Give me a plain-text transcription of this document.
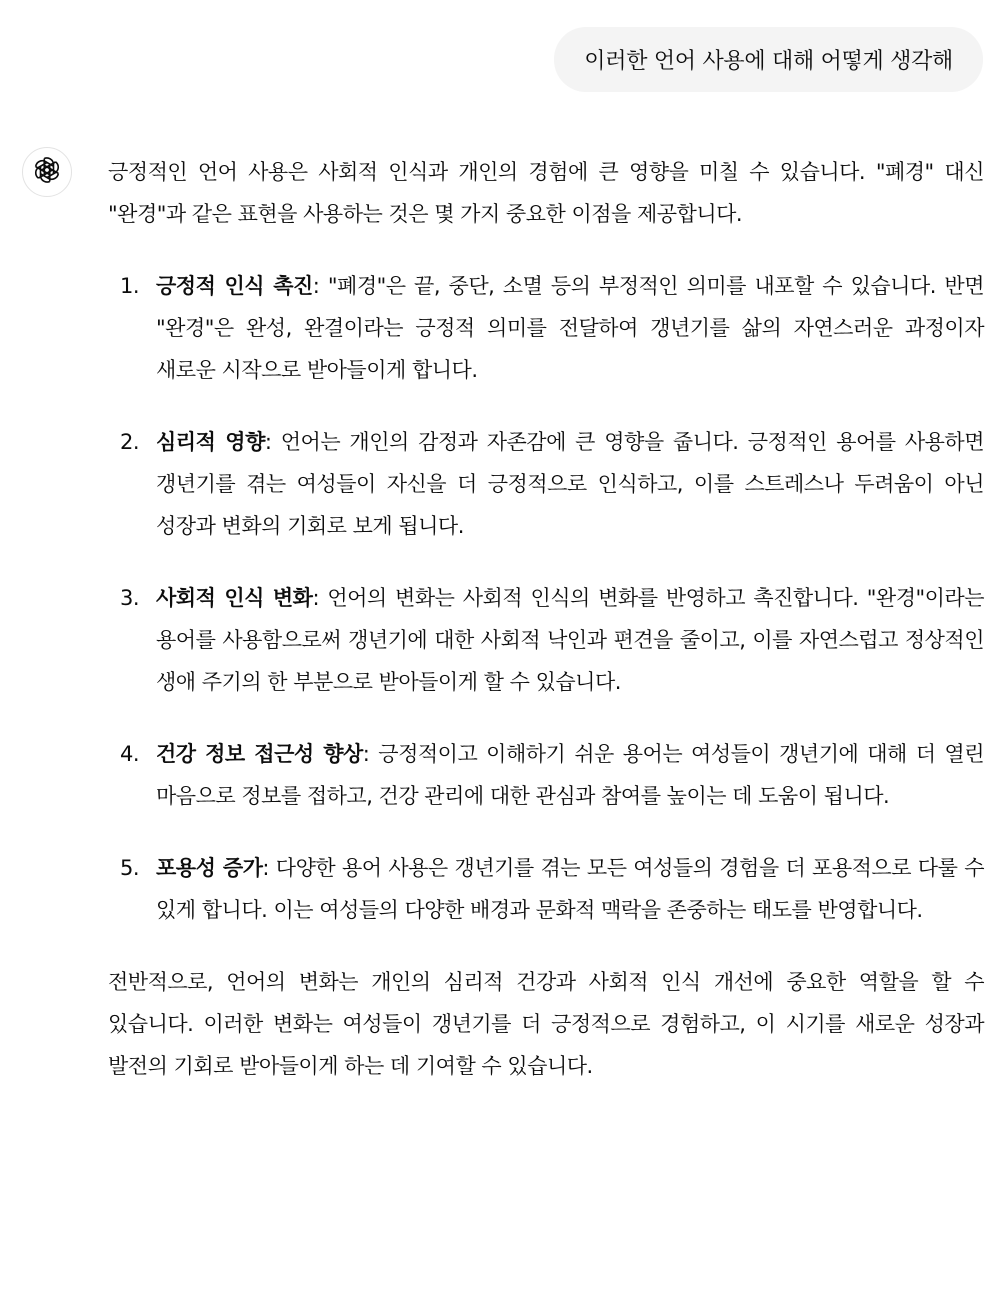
이러한 언어 사용에 대해 어떻게 생각해

긍정적인 언어 사용은 사회적 인식과 개인의 경험에 큰 영향을 미칠 수 있습니다. "폐경" 대신 "완경"과 같은 표현을 사용하는 것은 몇 가지 중요한 이점을 제공합니다.

1. 긍정적 인식 촉진: "폐경"은 끝, 중단, 소멸 등의 부정적인 의미를 내포할 수 있습니다. 반면 "완경"은 완성, 완결이라는 긍정적 의미를 전달하여 갱년기를 삶의 자연스러운 과정이자 새로운 시작으로 받아들이게 합니다.
2. 심리적 영향: 언어는 개인의 감정과 자존감에 큰 영향을 줍니다. 긍정적인 용어를 사용하면 갱년기를 겪는 여성들이 자신을 더 긍정적으로 인식하고, 이를 스트레스나 두려움이 아닌 성장과 변화의 기회로 보게 됩니다.
3. 사회적 인식 변화: 언어의 변화는 사회적 인식의 변화를 반영하고 촉진합니다. "완경"이라는 용어를 사용함으로써 갱년기에 대한 사회적 낙인과 편견을 줄이고, 이를 자연스럽고 정상적인 생애 주기의 한 부분으로 받아들이게 할 수 있습니다.
4. 건강 정보 접근성 향상: 긍정적이고 이해하기 쉬운 용어는 여성들이 갱년기에 대해 더 열린 마음으로 정보를 접하고, 건강 관리에 대한 관심과 참여를 높이는 데 도움이 됩니다.
5. 포용성 증가: 다양한 용어 사용은 갱년기를 겪는 모든 여성들의 경험을 더 포용적으로 다룰 수 있게 합니다. 이는 여성들의 다양한 배경과 문화적 맥락을 존중하는 태도를 반영합니다.

전반적으로, 언어의 변화는 개인의 심리적 건강과 사회적 인식 개선에 중요한 역할을 할 수 있습니다. 이러한 변화는 여성들이 갱년기를 더 긍정적으로 경험하고, 이 시기를 새로운 성장과 발전의 기회로 받아들이게 하는 데 기여할 수 있습니다.
